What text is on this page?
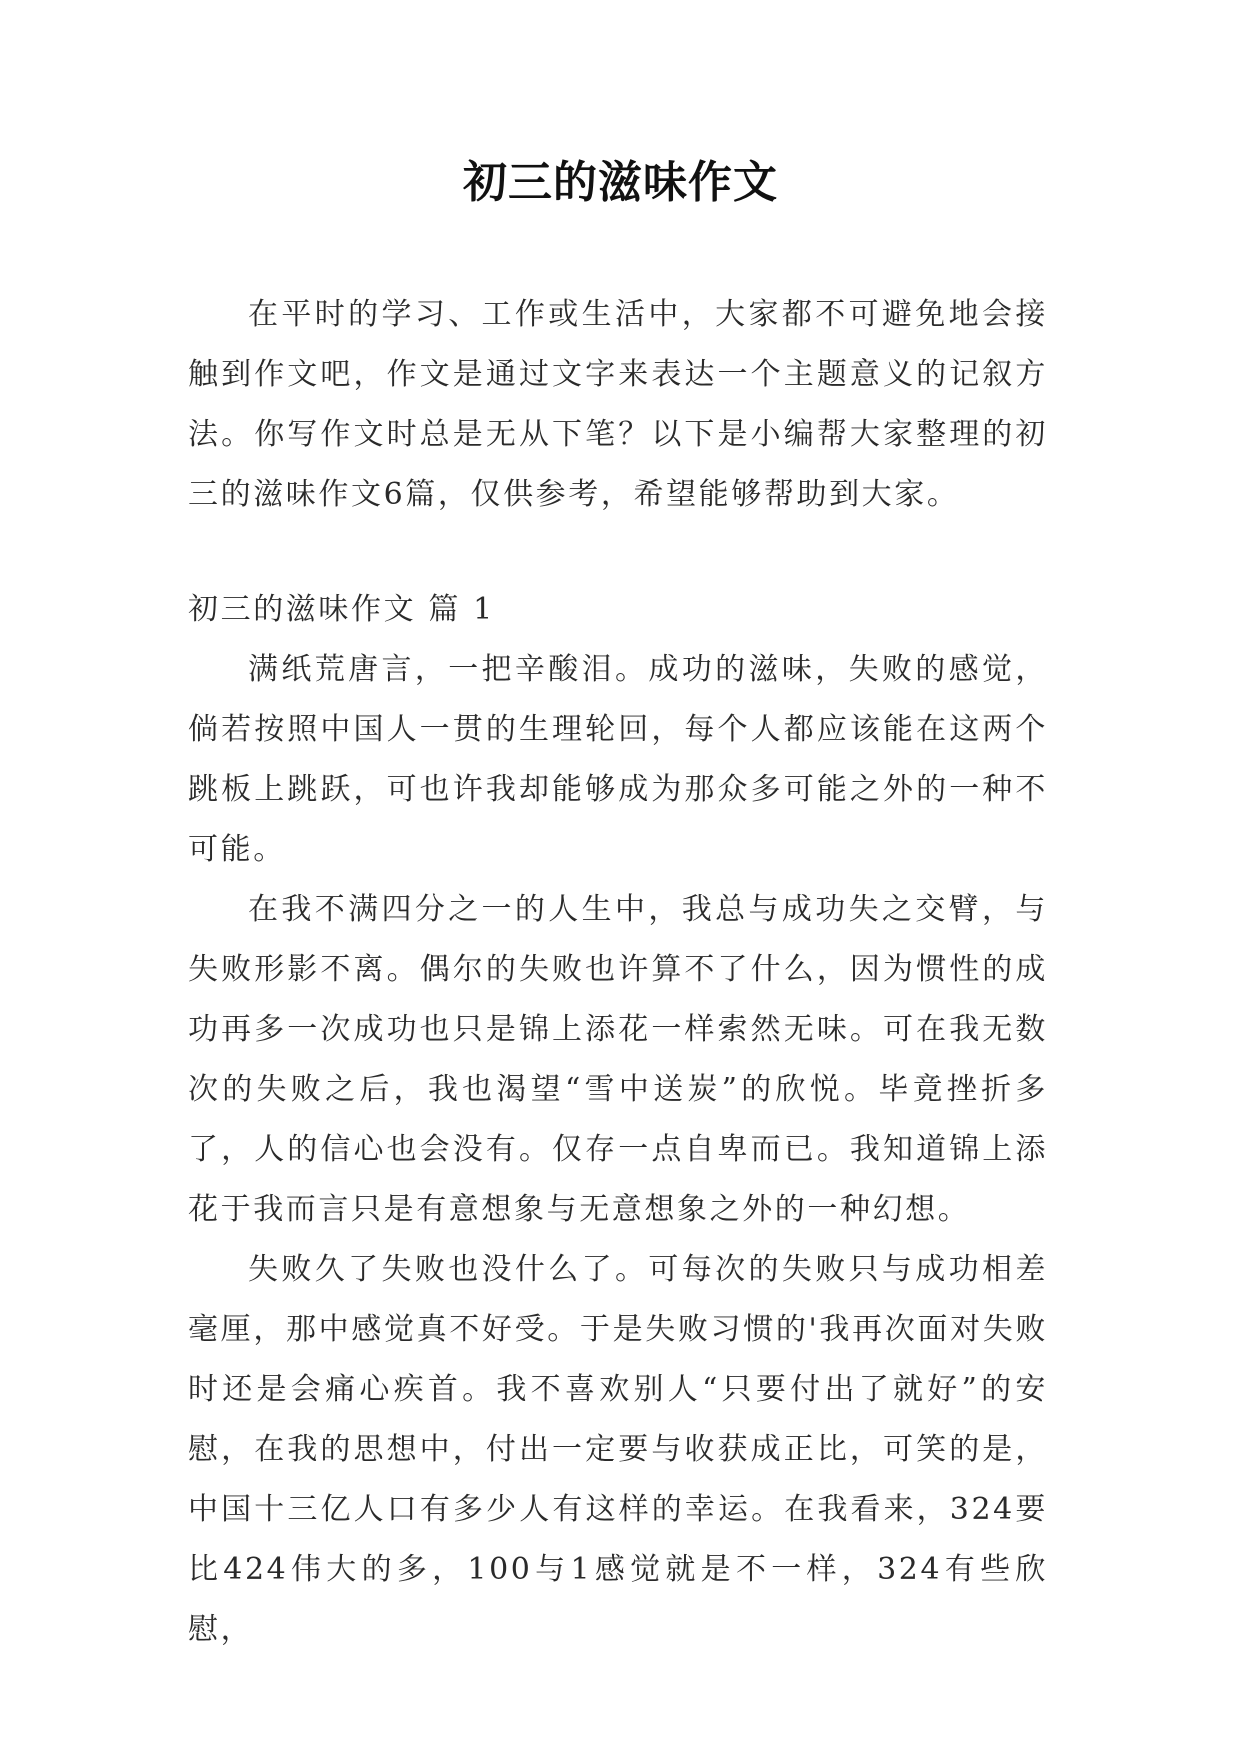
初三的滋味作文

在平时的学习、工作或生活中，大家都不可避免地会接触到作文吧，作文是通过文字来表达一个主题意义的记叙方法。你写作文时总是无从下笔？以下是小编帮大家整理的初三的滋味作文6篇，仅供参考，希望能够帮助到大家。

初三的滋味作文 篇 1

满纸荒唐言，一把辛酸泪。成功的滋味，失败的感觉，倘若按照中国人一贯的生理轮回，每个人都应该能在这两个跳板上跳跃，可也许我却能够成为那众多可能之外的一种不可能。

在我不满四分之一的人生中，我总与成功失之交臂，与失败形影不离。偶尔的失败也许算不了什么，因为惯性的成功再多一次成功也只是锦上添花一样索然无味。可在我无数次的失败之后，我也渴望“雪中送炭”的欣悦。毕竟挫折多了，人的信心也会没有。仅存一点自卑而已。我知道锦上添花于我而言只是有意想象与无意想象之外的一种幻想。

失败久了失败也没什么了。可每次的失败只与成功相差毫厘，那中感觉真不好受。于是失败习惯的'我再次面对失败时还是会痛心疾首。我不喜欢别人“只要付出了就好”的安慰，在我的思想中，付出一定要与收获成正比，可笑的是，中国十三亿人口有多少人有这样的幸运。在我看来，324要比424伟大的多，100与1感觉就是不一样，324有些欣慰，
